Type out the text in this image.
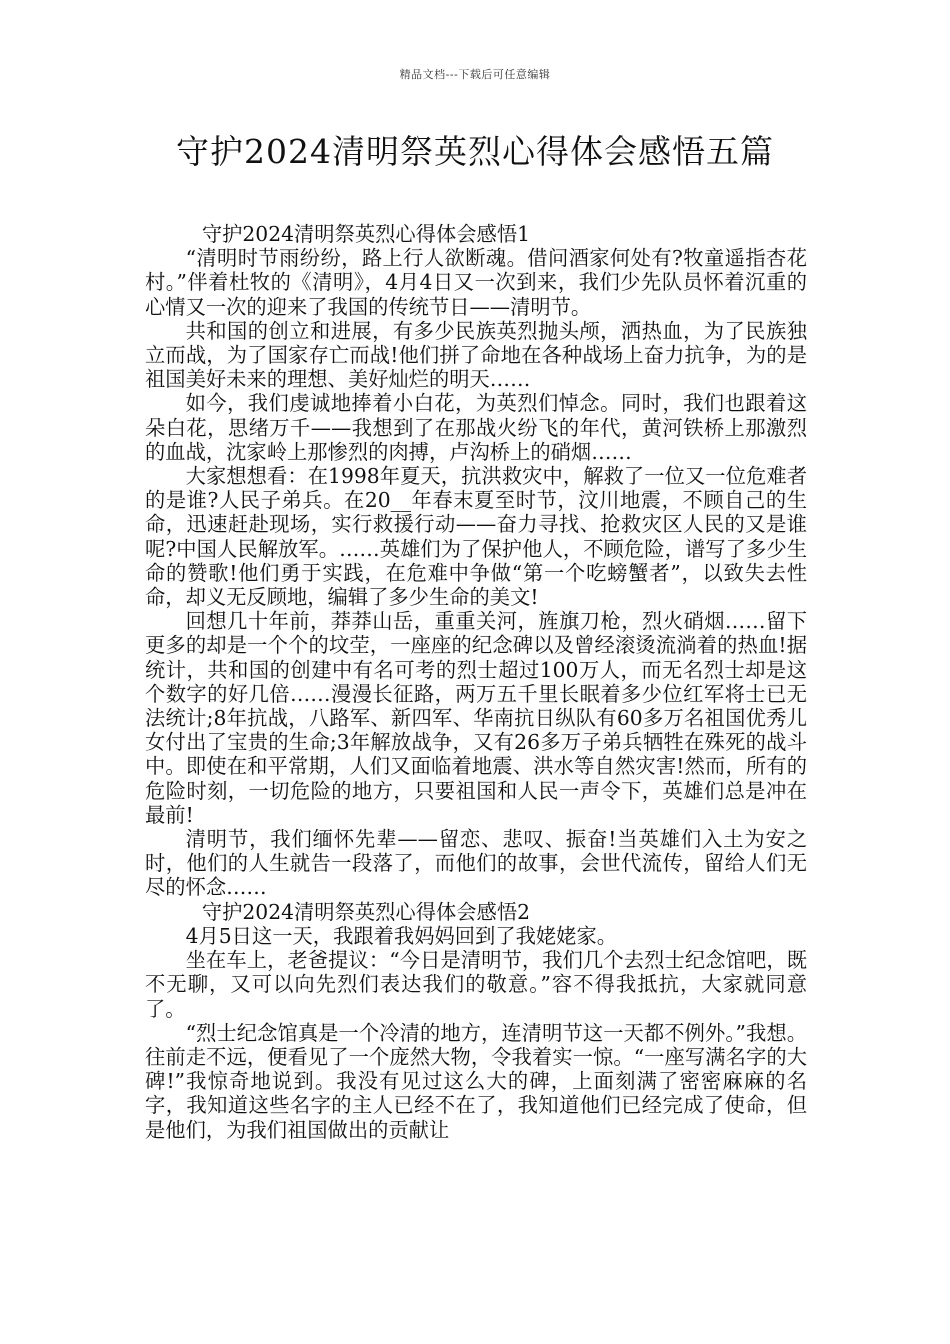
精品文档---下载后可任意编辑
守护2024清明祭英烈心得体会感悟五篇

守护2024清明祭英烈心得体会感悟1

“清明时节雨纷纷，路上行人欲断魂。借问酒家何处有?牧童遥指杏花村。”伴着杜牧的《清明》，4月4日又一次到来，我们少先队员怀着沉重的心情又一次的迎来了我国的传统节日——清明节。

共和国的创立和进展，有多少民族英烈抛头颅，洒热血，为了民族独立而战，为了国家存亡而战!他们拼了命地在各种战场上奋力抗争，为的是祖国美好未来的理想、美好灿烂的明天……

如今，我们虔诚地捧着小白花，为英烈们悼念。同时，我们也跟着这朵白花，思绪万千——我想到了在那战火纷飞的年代，黄河铁桥上那激烈的血战，沈家岭上那惨烈的肉搏，卢沟桥上的硝烟……

大家想想看：在1998年夏天，抗洪救灾中，解救了一位又一位危难者的是谁?人民子弟兵。在20__年春末夏至时节，汶川地震，不顾自己的生命，迅速赶赴现场，实行救援行动——奋力寻找、抢救灾区人民的又是谁呢?中国人民解放军。……英雄们为了保护他人，不顾危险，谱写了多少生命的赞歌!他们勇于实践，在危难中争做“第一个吃螃蟹者”，以致失去性命，却义无反顾地，编辑了多少生命的美文!

回想几十年前，莽莽山岳，重重关河，旌旗刀枪，烈火硝烟……留下更多的却是一个个的坟茔，一座座的纪念碑以及曾经滚烫流淌着的热血!据统计，共和国的创建中有名可考的烈士超过100万人，而无名烈士却是这个数字的好几倍……漫漫长征路，两万五千里长眠着多少位红军将士已无法统计;8年抗战，八路军、新四军、华南抗日纵队有60多万名祖国优秀儿女付出了宝贵的生命;3年解放战争，又有26多万子弟兵牺牲在殊死的战斗中。即使在和平常期，人们又面临着地震、洪水等自然灾害!然而，所有的危险时刻，一切危险的地方，只要祖国和人民一声令下，英雄们总是冲在最前!

清明节，我们缅怀先辈——留恋、悲叹、振奋!当英雄们入土为安之时，他们的人生就告一段落了，而他们的故事，会世代流传，留给人们无尽的怀念……

守护2024清明祭英烈心得体会感悟2

4月5日这一天，我跟着我妈妈回到了我姥姥家。

坐在车上，老爸提议：“今日是清明节，我们几个去烈士纪念馆吧，既不无聊，又可以向先烈们表达我们的敬意。”容不得我抵抗，大家就同意了。

“烈士纪念馆真是一个冷清的地方，连清明节这一天都不例外。”我想。往前走不远，便看见了一个庞然大物，令我着实一惊。“一座写满名字的大碑!”我惊奇地说到。我没有见过这么大的碑，上面刻满了密密麻麻的名字，我知道这些名字的主人已经不在了，我知道他们已经完成了使命，但是他们，为我们祖国做出的贡献让
